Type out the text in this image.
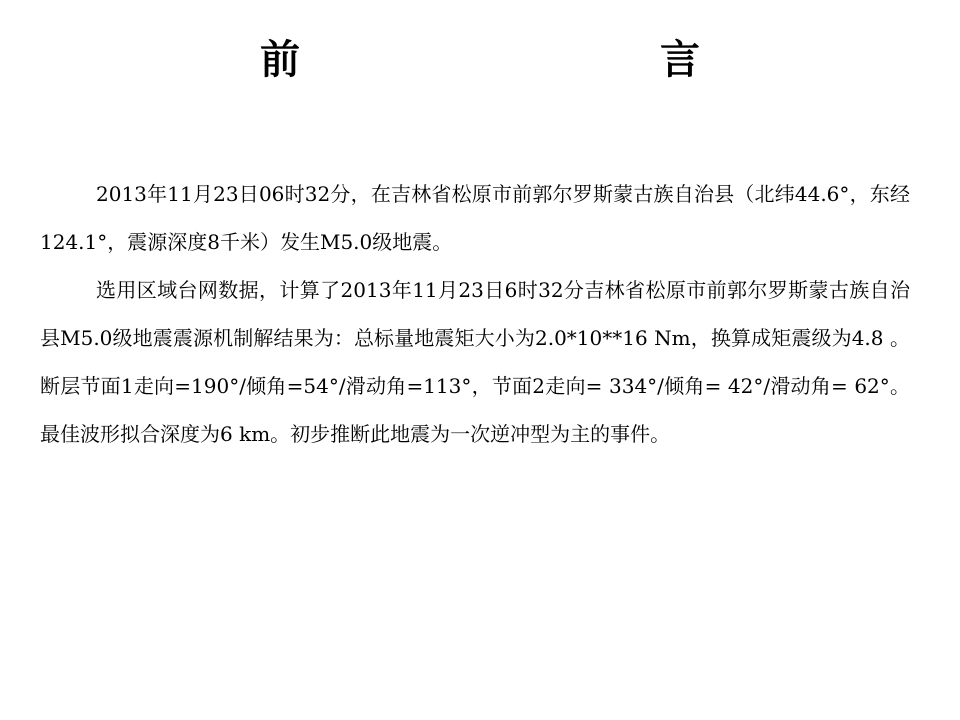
前　言

2013年11月23日06时32分，在吉林省松原市前郭尔罗斯蒙古族自治县（北纬44.6°，东经124.1°，震源深度8千米）发生M5.0级地震。

选用区域台网数据，计算了2013年11月23日6时32分吉林省松原市前郭尔罗斯蒙古族自治县M5.0级地震震源机制解结果为：总标量地震矩大小为2.0*10**16 Nm，换算成矩震级为4.8 。 断层节面1走向=190°/倾角=54°/滑动角=113°，节面2走向= 334°/倾角= 42°/滑动角= 62°。最佳波形拟合深度为6 km。初步推断此地震为一次逆冲型为主的事件。
